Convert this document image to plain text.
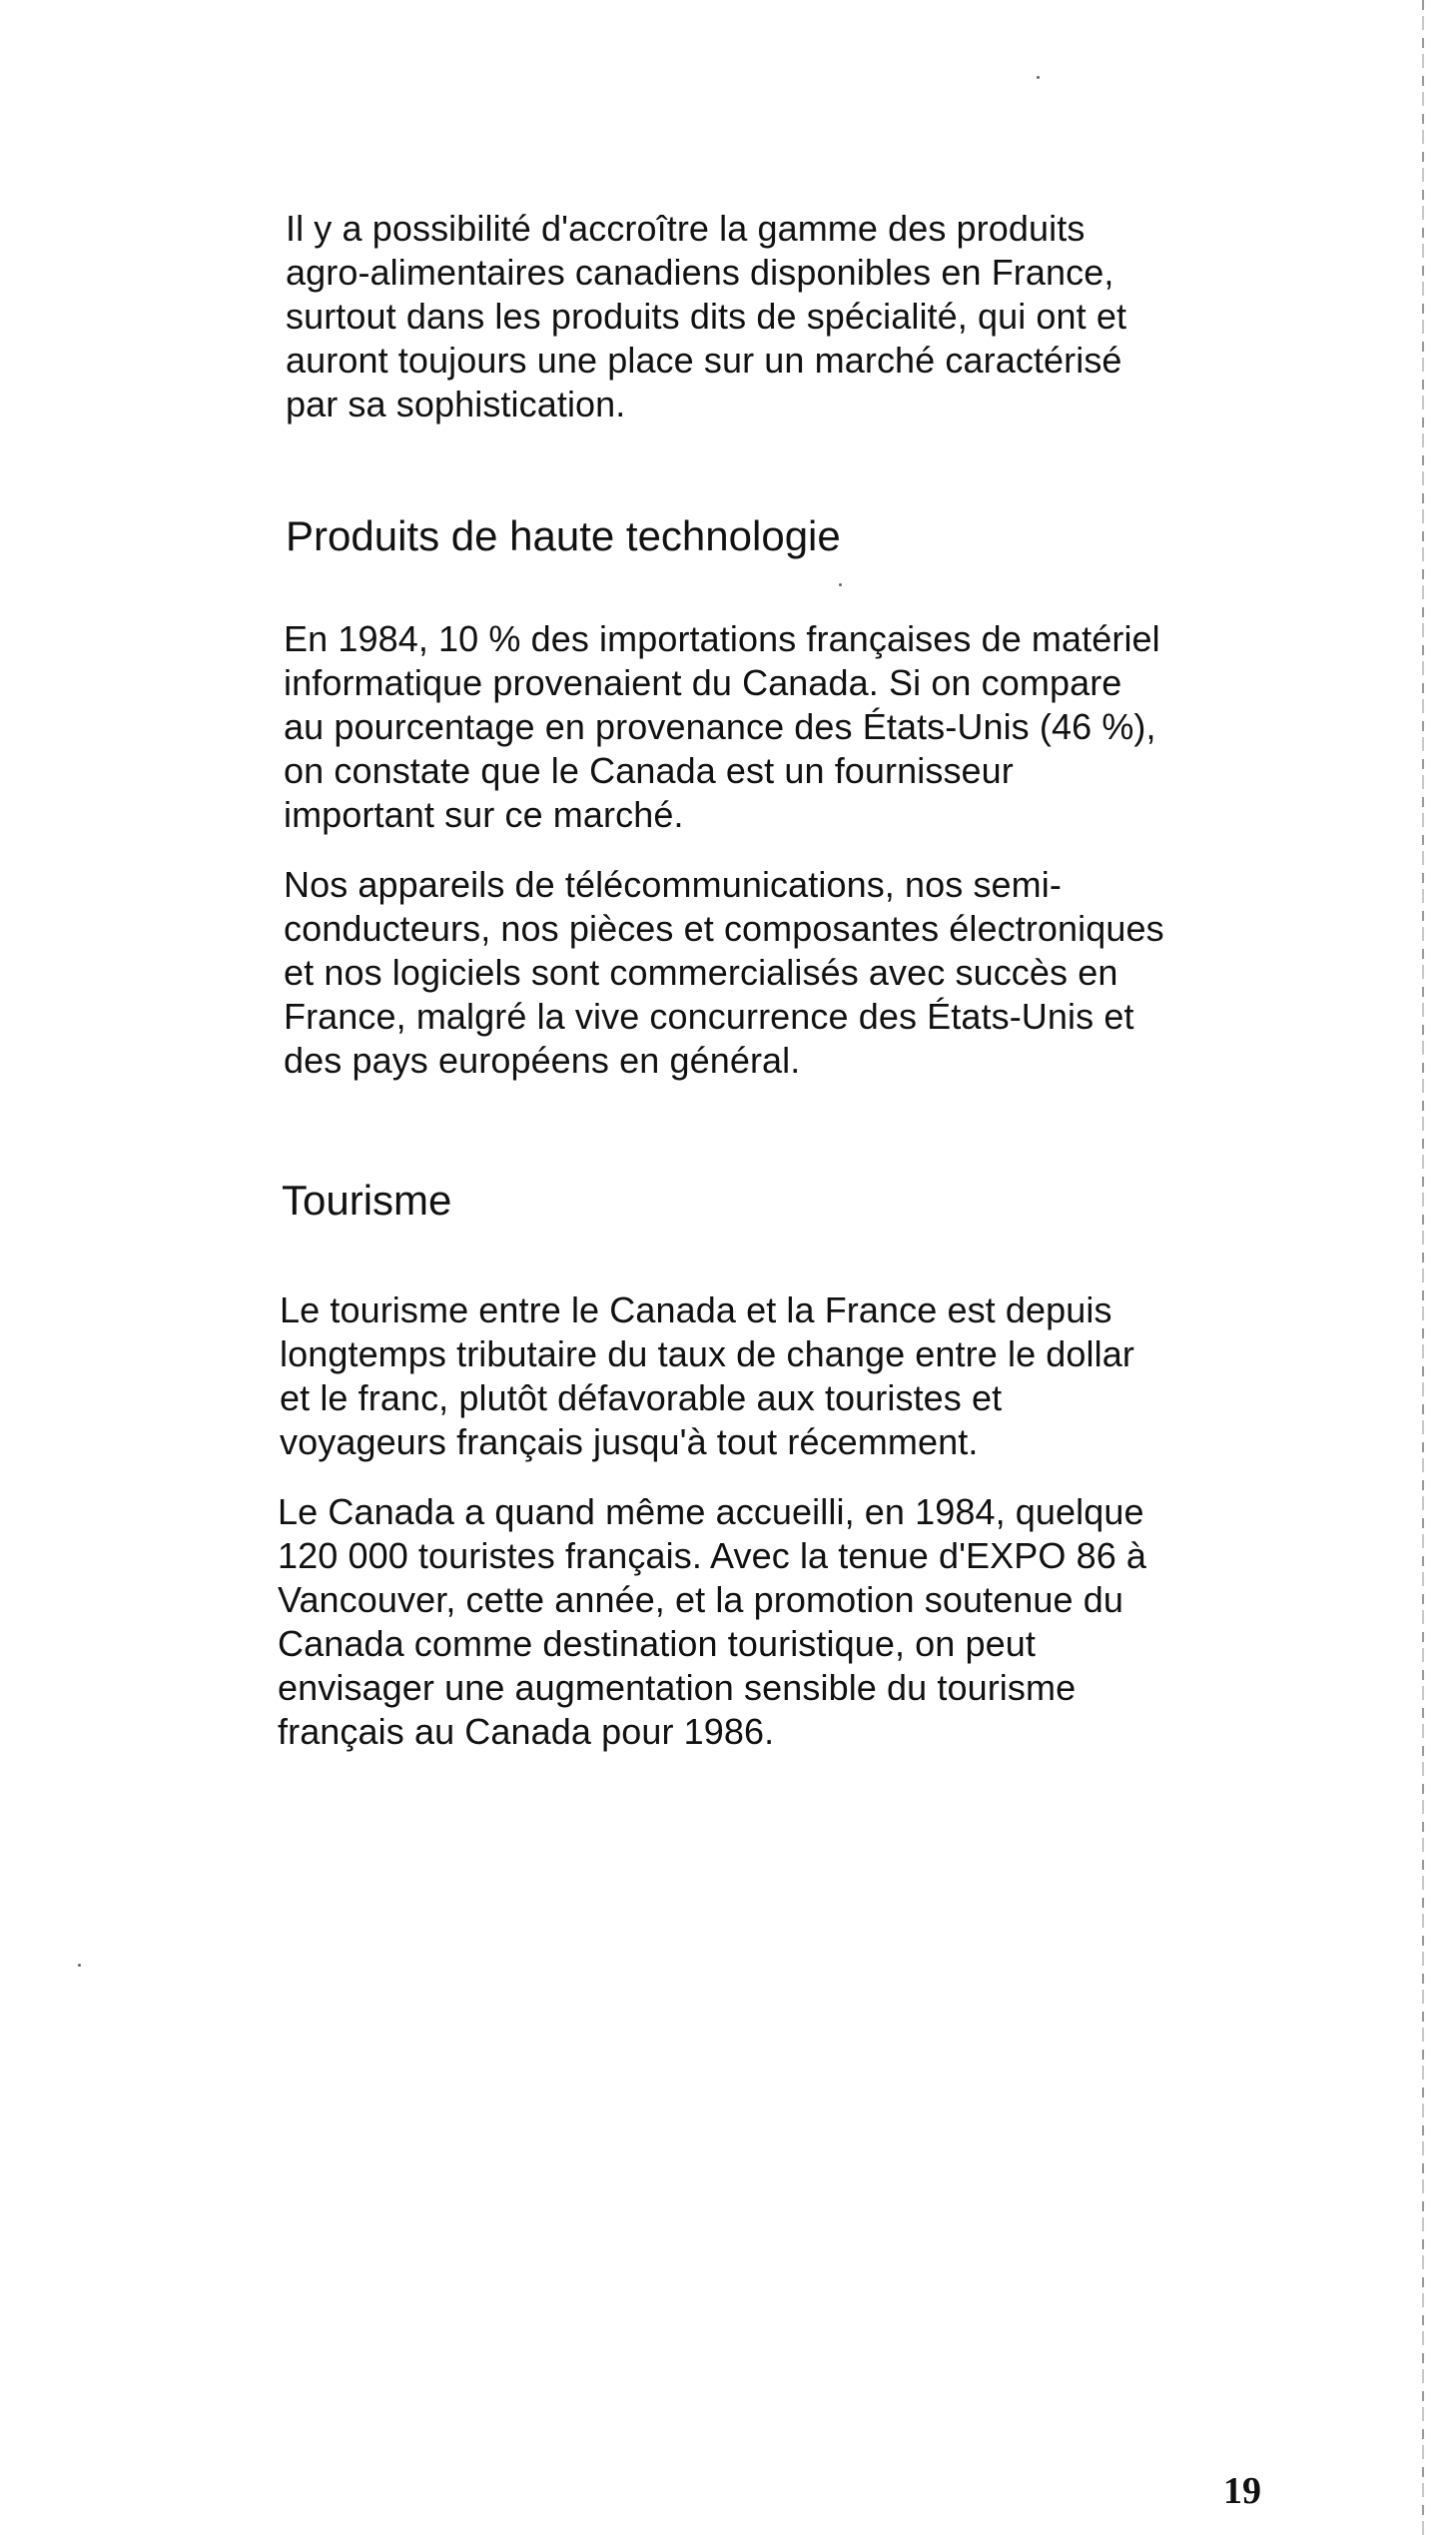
Il y a possibilité d'accroître la gamme des produits
agro-alimentaires canadiens disponibles en France,
surtout dans les produits dits de spécialité, qui ont et
auront toujours une place sur un marché caractérisé
par sa sophistication.

Produits de haute technologie

En 1984, 10 % des importations françaises de matériel
informatique provenaient du Canada. Si on compare
au pourcentage en provenance des États-Unis (46 %),
on constate que le Canada est un fournisseur
important sur ce marché.

Nos appareils de télécommunications, nos semi-
conducteurs, nos pièces et composantes électroniques
et nos logiciels sont commercialisés avec succès en
France, malgré la vive concurrence des États-Unis et
des pays européens en général.

Tourisme

Le tourisme entre le Canada et la France est depuis
longtemps tributaire du taux de change entre le dollar
et le franc, plutôt défavorable aux touristes et
voyageurs français jusqu'à tout récemment.

Le Canada a quand même accueilli, en 1984, quelque
120 000 touristes français. Avec la tenue d'EXPO 86 à
Vancouver, cette année, et la promotion soutenue du
Canada comme destination touristique, on peut
envisager une augmentation sensible du tourisme
français au Canada pour 1986.

19
